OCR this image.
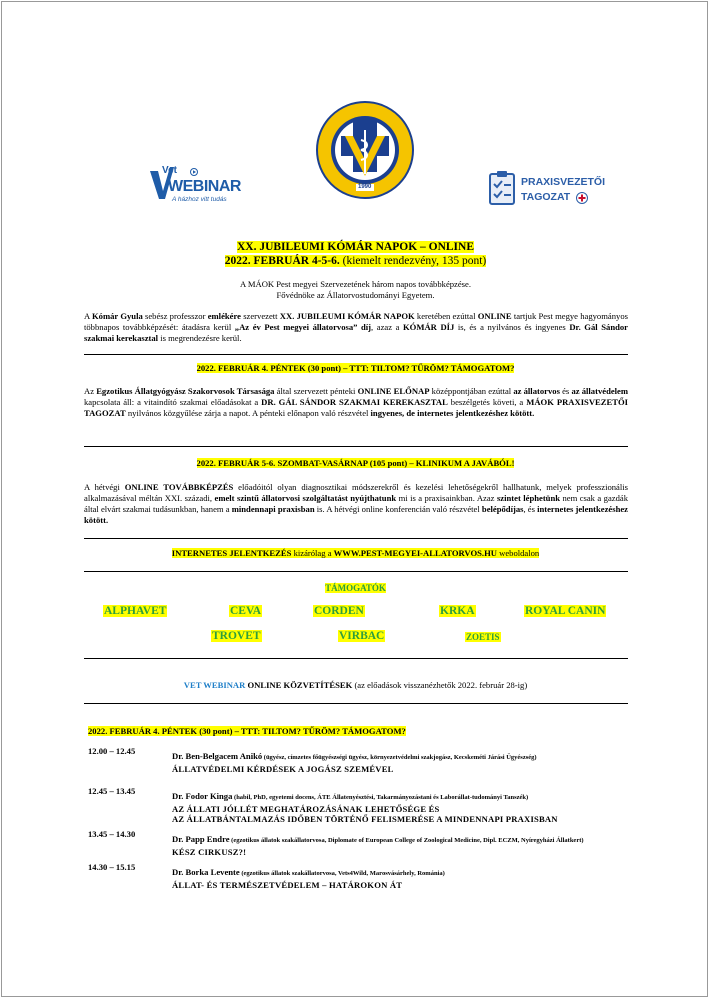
Vet
WEBINAR
A házhoz vitt tudás
1990	PRAXISVEZETŐI
TAGOZAT
XX. JUBILEUMI KÓMÁR NAPOK – ONLINE
2022. FEBRUÁR 4-5-6. (kiemelt rendezvény, 135 pont)
A MÁOK Pest megyei Szervezetének három napos továbbképzése.
Fővédnöke az Állatorvostudományi Egyetem.
A Kómár Gyula sebész professzor emlékére szervezett XX. JUBILEUMI KÓMÁR NAPOK keretében ezúttal ONLINE tartjuk Pest megye hagyományos többnapos továbbképzését: átadásra kerül „Az év Pest megyei állatorvosa” díj, azaz a KÓMÁR DÍJ is, és a nyilvános és ingyenes Dr. Gál Sándor szakmai kerekasztal is megrendezésre kerül.
2022. FEBRUÁR 4. PÉNTEK (30 pont) – TTT: TILTOM? TŰRÖM? TÁMOGATOM?
Az Egzotikus Állatgyógyász Szakorvosok Társasága által szervezett pénteki ONLINE ELŐNAP középpontjában ezúttal az állatorvos és az állatvédelem kapcsolata áll: a vitaindító szakmai előadásokat a DR. GÁL SÁNDOR SZAKMAI KEREKASZTAL beszélgetés követi, a MÁOK PRAXISVEZETŐI TAGOZAT nyilvános közgyűlése zárja a napot. A pénteki előnapon való részvétel ingyenes, de internetes jelentkezéshez kötött.
2022. FEBRUÁR 5-6. SZOMBAT-VASÁRNAP (105 pont) – KLINIKUM A JAVÁBÓL!
A hétvégi ONLINE TOVÁBBKÉPZÉS előadóitól olyan diagnosztikai módszerekről és kezelési lehetőségekről hallhatunk, melyek professzionális alkalmazásával méltán XXI. századi, emelt szintű állatorvosi szolgáltatást nyújthatunk mi is a praxisainkban. Azaz szintet léphetünk nem csak a gazdák által elvárt szakmai tudásunkban, hanem a mindennapi praxisban is. A hétvégi online konferencián való részvétel belépődíjas, és internetes jelentkezéshez kötött.
INTERNETES JELENTKEZÉS kizárólag a WWW.PEST-MEGYEI-ALLATORVOS.HU weboldalon
TÁMOGATÓK
ALPHAVET	CEVA	CORDEN	KRKA	ROYAL CANIN
TROVET	VIRBAC	ZOETIS
VET WEBINAR ONLINE KÖZVETÍTÉSEK (az előadások visszanézhetők 2022. február 28-ig)
2022. FEBRUÁR 4. PÉNTEK (30 pont) – TTT: TILTOM? TŰRÖM? TÁMOGATOM?
12.00 – 12.45	Dr. Ben-Belgacem Anikó (ügyész, címzetes főügyészségi ügyész, környezetvédelmi szakjogász, Kecskeméti Járási Ügyészség)
ÁLLATVÉDELMI KÉRDÉSEK A JOGÁSZ SZEMÉVEL
12.45 – 13.45	Dr. Fodor Kinga (habil, PhD, egyetemi docens, ÁTE Állatenyésztési, Takarmányozástani és Laborállat-tudományi Tanszék)
AZ ÁLLATI JÓLLÉT MEGHATÁROZÁSÁNAK LEHETŐSÉGE ÉS
AZ ÁLLATBÁNTALMAZÁS IDŐBEN TÖRTÉNŐ FELISMERÉSE A MINDENNAPI PRAXISBAN
13.45 – 14.30	Dr. Papp Endre (egzotikus állatok szakállatorvosa, Diplomate of European College of Zoological Medicine, Dipl. ECZM, Nyíregyházi Állatkert)
KÉSZ CIRKUSZ?!
14.30 – 15.15	Dr. Borka Levente (egzotikus állatok szakállatorvosa, Vets4Wild, Marosvásárhely, Románia)
ÁLLAT- ÉS TERMÉSZETVÉDELEM – HATÁROKON ÁT
